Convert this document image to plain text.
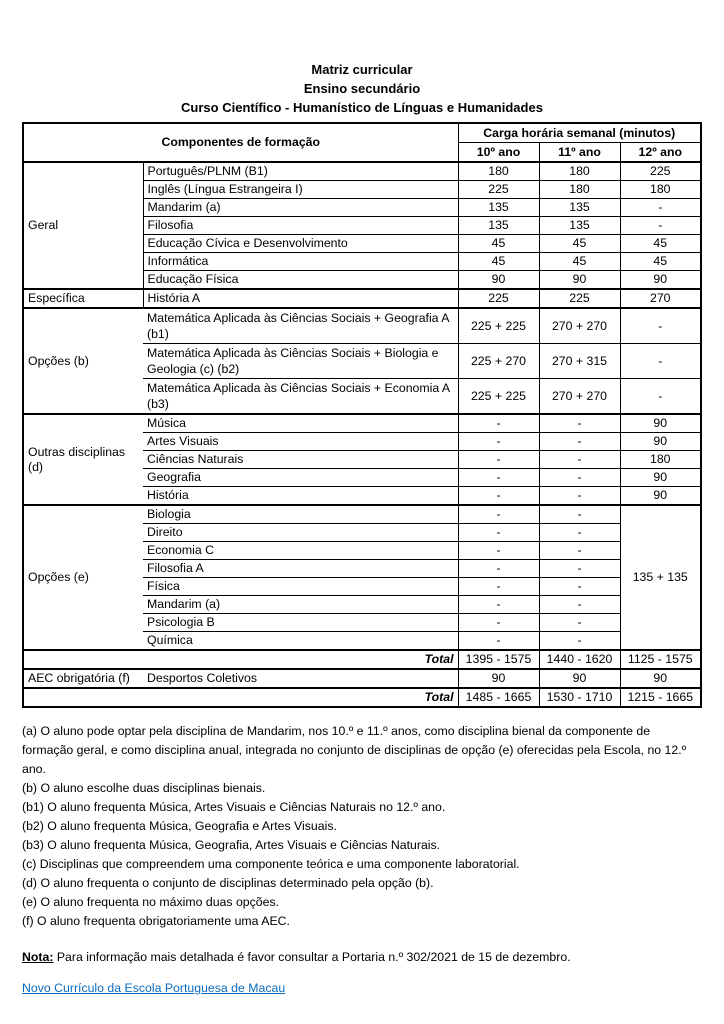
Matriz curricular
Ensino secundário
Curso Científico - Humanístico de Línguas e Humanidades
Componentes de formação		Carga horária semanal (minutos)		
		10º ano	11º ano	12º ano
Geral	Português/PLNM (B1)	180	180	225
	Inglês (Língua Estrangeira I)	225	180	180
	Mandarim (a)	135	135	-
	Filosofia	135	135	-
	Educação Cívica e Desenvolvimento	45	45	45
	Informática	45	45	45
	Educação Física	90	90	90
Específica	História A	225	225	270
Opções (b)	Matemática Aplicada às Ciências Sociais + Geografia A (b1)	225 + 225	270 + 270	-
	Matemática Aplicada às Ciências Sociais + Biologia e Geologia (c) (b2)	225 + 270	270 + 315	-
	Matemática Aplicada às Ciências Sociais + Economia A (b3)	225 + 225	270 + 270	-
Outras disciplinas (d)	Música	-	-	90
	Artes Visuais	-	-	90
	Ciências Naturais	-	-	180
	Geografia	-	-	90
	História	-	-	90
Opções (e)	Biologia	-	-	135 + 135
	Direito	-	-	
	Economia C	-	-	
	Filosofia A	-	-	
	Física	-	-	
	Mandarim (a)	-	-	
	Psicologia B	-	-	
	Química	-	-	
Total		1395 - 1575	1440 - 1620	1125 - 1575
AEC obrigatória (f)	Desportos Coletivos	90	90	90
Total		1485 - 1665	1530 - 1710	1215 - 1665

(a) O aluno pode optar pela disciplina de Mandarim, nos 10.º e 11.º anos, como disciplina bienal da componente de formação geral, e como disciplina anual, integrada no conjunto de disciplinas de opção (e) oferecidas pela Escola, no 12.º ano.

(b) O aluno escolhe duas disciplinas bienais.

(b1) O aluno frequenta Música, Artes Visuais e Ciências Naturais no 12.º ano.

(b2) O aluno frequenta Música, Geografia e Artes Visuais.

(b3) O aluno frequenta Música, Geografia, Artes Visuais e Ciências Naturais.

(c) Disciplinas que compreendem uma componente teórica e uma componente laboratorial.

(d) O aluno frequenta o conjunto de disciplinas determinado pela opção (b).

(e) O aluno frequenta no máximo duas opções.

(f) O aluno frequenta obrigatoriamente uma AEC.

Nota: Para informação mais detalhada é favor consultar a Portaria n.º 302/2021 de 15 de dezembro.

Novo Currículo da Escola Portuguesa de Macau
